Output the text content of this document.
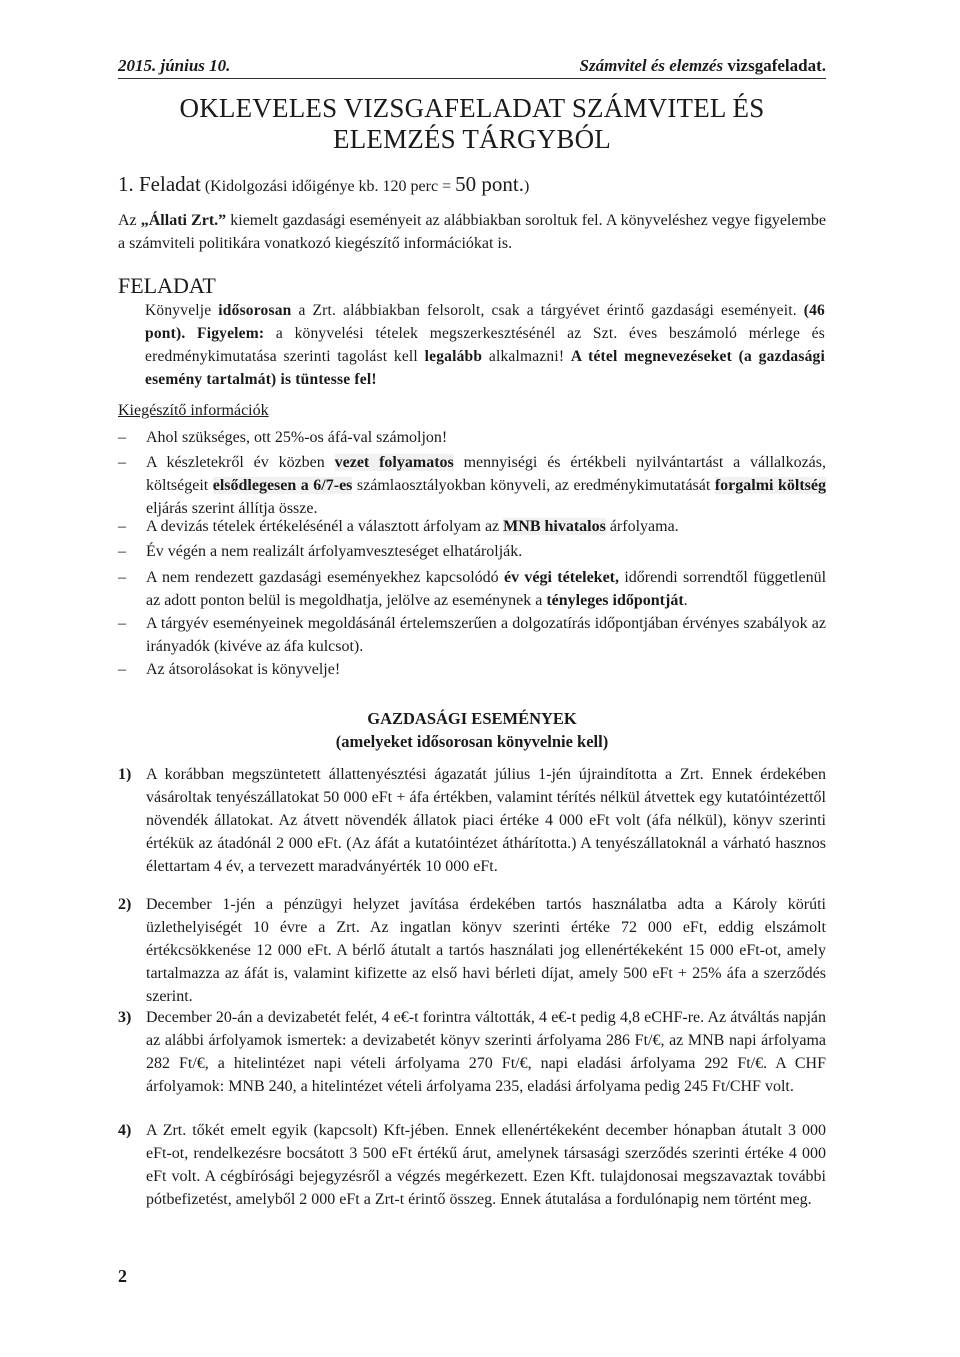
2015. június 10.	Számvitel és elemzés vizsgafeladat.
OKLEVELES VIZSGAFELADAT SZÁMVITEL ÉS
ELEMZÉS TÁRGYBÓL
1. Feladat (Kidolgozási időigénye kb. 120 perc = 50 pont.)
Az „Állati Zrt.” kiemelt gazdasági eseményeit az alábbiakban soroltuk fel. A könyveléshez vegye figyelembe a számviteli politikára vonatkozó kiegészítő információkat is.
FELADAT
Könyvelje idősorosan a Zrt. alábbiakban felsorolt, csak a tárgyévet érintő gazdasági eseményeit. (46 pont). Figyelem: a könyvelési tételek megszerkesztésénél az Szt. éves beszámoló mérlege és eredménykimutatása szerinti tagolást kell legalább alkalmazni! A tétel megnevezéseket (a gazdasági esemény tartalmát) is tüntesse fel!
Kiegészítő információk
–	Ahol szükséges, ott 25%-os áfá-val számoljon!
–	A készletekről év közben vezet folyamatos mennyiségi és értékbeli nyilvántartást a vállalkozás, költségeit elsődlegesen a 6/7-es számlaosztályokban könyveli, az eredménykimutatását forgalmi költség eljárás szerint állítja össze.
–	A devizás tételek értékelésénél a választott árfolyam az MNB hivatalos árfolyama.
–	Év végén a nem realizált árfolyamveszteséget elhatárolják.
–	A nem rendezett gazdasági eseményekhez kapcsolódó év végi tételeket, időrendi sorrendtől függetlenül az adott ponton belül is megoldhatja, jelölve az eseménynek a tényleges időpontját.
–	A tárgyév eseményeinek megoldásánál értelemszerűen a dolgozatírás időpontjában érvényes szabályok az irányadók (kivéve az áfa kulcsot).
–	Az átsorolásokat is könyvelje!
GAZDASÁGI ESEMÉNYEK
(amelyeket idősorosan könyvelnie kell)
1) A korábban megszüntetett állattenyésztési ágazatát július 1-jén újraindította a Zrt. Ennek érdekében vásároltak tenyészállatokat 50 000 eFt + áfa értékben, valamint térítés nélkül átvettek egy kutatóintézettől növendék állatokat. Az átvett növendék állatok piaci értéke 4 000 eFt volt (áfa nélkül), könyv szerinti értékük az átadónál 2 000 eFt. (Az áfát a kutatóintézet áthárította.) A tenyészállatoknál a várható hasznos élettartam 4 év, a tervezett maradványérték 10 000 eFt.
2) December 1-jén a pénzügyi helyzet javítása érdekében tartós használatba adta a Károly körúti üzlethelyiségét 10 évre a Zrt. Az ingatlan könyv szerinti értéke 72 000 eFt, eddig elszámolt értékcsökkenése 12 000 eFt. A bérlő átutalt a tartós használati jog ellenértékeként 15 000 eFt-ot, amely tartalmazza az áfát is, valamint kifizette az első havi bérleti díjat, amely 500 eFt + 25% áfa a szerződés szerint.
3) December 20-án a devizabetét felét, 4 e€-t forintra váltották, 4 e€-t pedig 4,8 eCHF-re. Az átváltás napján az alábbi árfolyamok ismertek: a devizabetét könyv szerinti árfolyama 286 Ft/€, az MNB napi árfolyama 282 Ft/€, a hitelintézet napi vételi árfolyama 270 Ft/€, napi eladási árfolyama 292 Ft/€. A CHF árfolyamok: MNB 240, a hitelintézet vételi árfolyama 235, eladási árfolyama pedig 245 Ft/CHF volt.
4) A Zrt. tőkét emelt egyik (kapcsolt) Kft-jében. Ennek ellenértékeként december hónapban átutalt 3 000 eFt-ot, rendelkezésre bocsátott 3 500 eFt értékű árut, amelynek társasági szerződés szerinti értéke 4 000 eFt volt. A cégbírósági bejegyzésről a végzés megérkezett. Ezen Kft. tulajdonosai megszavaztak további pótbefizetést, amelyből 2 000 eFt a Zrt-t érintő összeg. Ennek átutalása a fordulónapig nem történt meg.
2
